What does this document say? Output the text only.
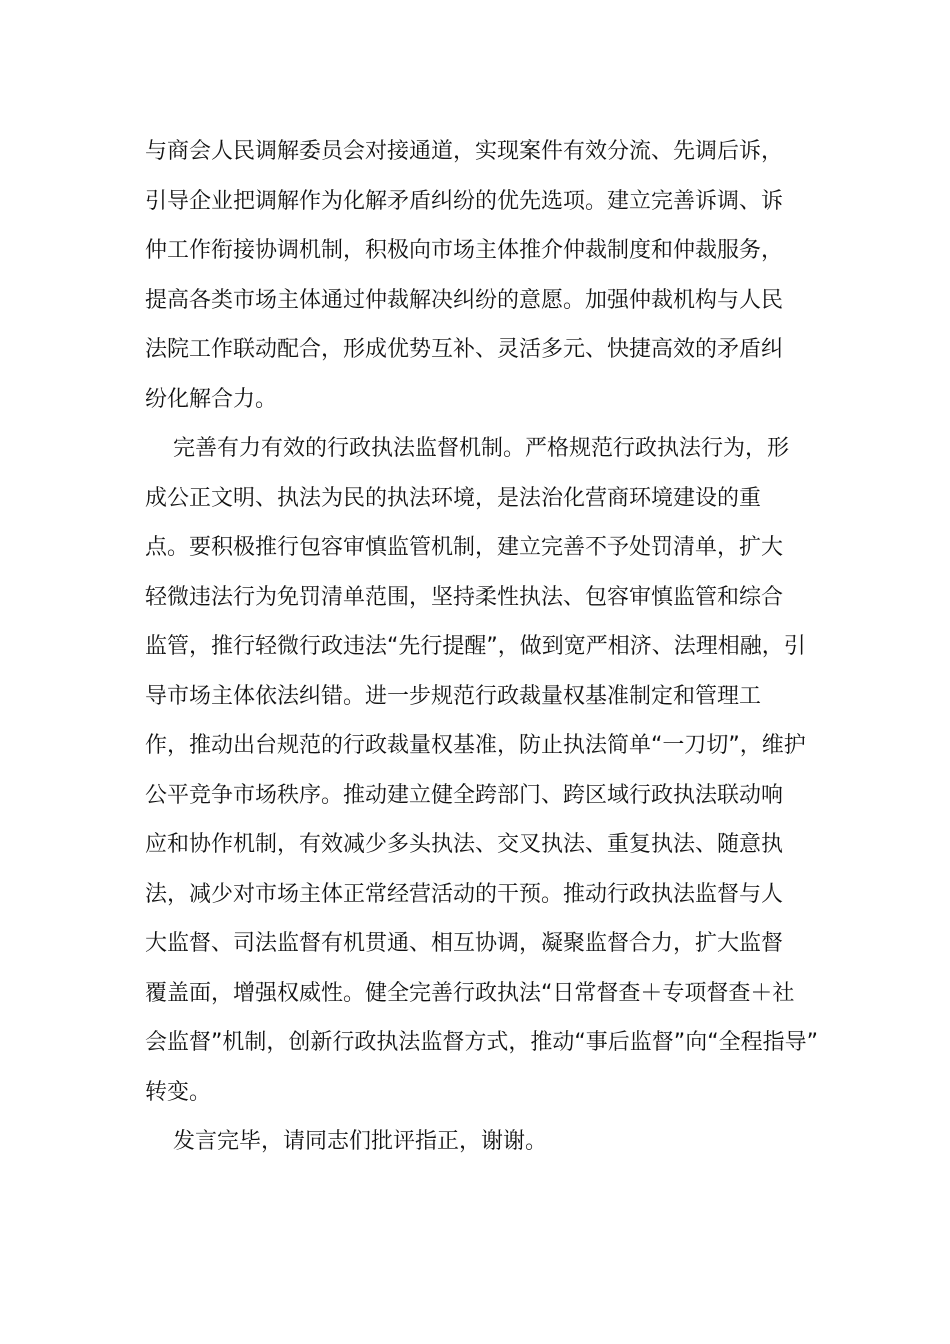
与商会人民调解委员会对接通道，实现案件有效分流、先调后诉，
引导企业把调解作为化解矛盾纠纷的优先选项。建立完善诉调、诉
仲工作衔接协调机制，积极向市场主体推介仲裁制度和仲裁服务，
提高各类市场主体通过仲裁解决纠纷的意愿。加强仲裁机构与人民
法院工作联动配合，形成优势互补、灵活多元、快捷高效的矛盾纠
纷化解合力。
完善有力有效的行政执法监督机制。严格规范行政执法行为，形
成公正文明、执法为民的执法环境，是法治化营商环境建设的重
点。要积极推行包容审慎监管机制，建立完善不予处罚清单，扩大
轻微违法行为免罚清单范围，坚持柔性执法、包容审慎监管和综合
监管，推行轻微行政违法“先行提醒”，做到宽严相济、法理相融，引
导市场主体依法纠错。进一步规范行政裁量权基准制定和管理工
作，推动出台规范的行政裁量权基准，防止执法简单“一刀切”，维护
公平竞争市场秩序。推动建立健全跨部门、跨区域行政执法联动响
应和协作机制，有效减少多头执法、交叉执法、重复执法、随意执
法，减少对市场主体正常经营活动的干预。推动行政执法监督与人
大监督、司法监督有机贯通、相互协调，凝聚监督合力，扩大监督
覆盖面，增强权威性。健全完善行政执法“日常督查＋专项督查＋社
会监督”机制，创新行政执法监督方式，推动“事后监督”向“全程指导”
转变。
发言完毕，请同志们批评指正，谢谢。
